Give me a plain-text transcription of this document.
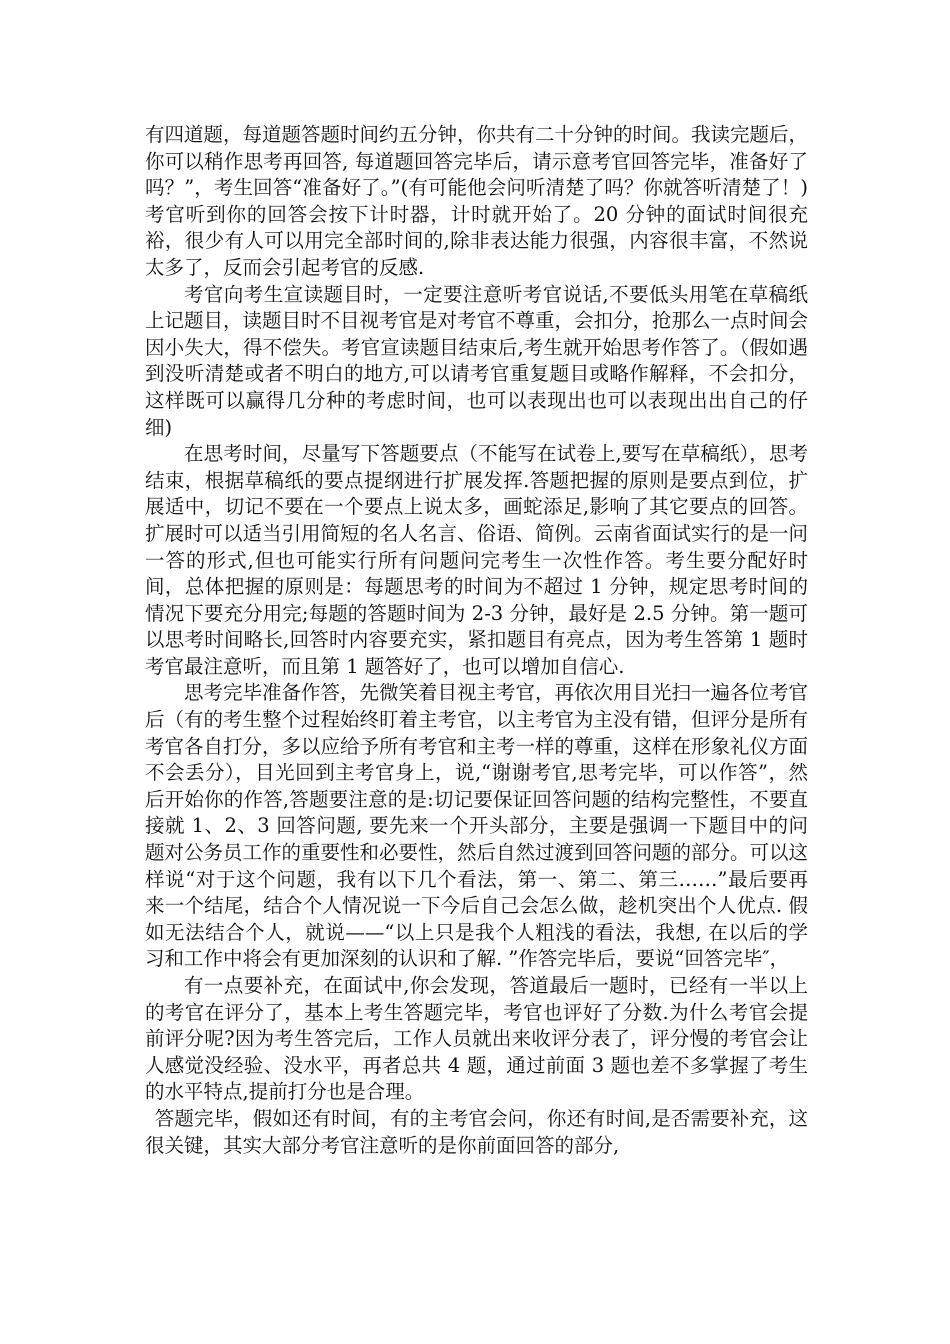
有四道题，每道题答题时间约五分钟，你共有二十分钟的时间。我读完题后，你可以稍作思考再回答, 每道题回答完毕后，请示意考官回答完毕，准备好了吗？”，考生回答“准备好了。”(有可能他会问听清楚了吗？你就答听清楚了！)考官听到你的回答会按下计时器，计时就开始了。20 分钟的面试时间很充裕，很少有人可以用完全部时间的,除非表达能力很强，内容很丰富，不然说太多了，反而会引起考官的反感.

考官向考生宣读题目时，一定要注意听考官说话,不要低头用笔在草稿纸上记题目，读题目时不目视考官是对考官不尊重，会扣分，抢那么一点时间会因小失大，得不偿失。考官宣读题目结束后,考生就开始思考作答了。（假如遇到没听清楚或者不明白的地方,可以请考官重复题目或略作解释，不会扣分，这样既可以赢得几分种的考虑时间，也可以表现出也可以表现出出自己的仔细)

在思考时间，尽量写下答题要点（不能写在试卷上,要写在草稿纸），思考结束，根据草稿纸的要点提纲进行扩展发挥.答题把握的原则是要点到位，扩展适中，切记不要在一个要点上说太多，画蛇添足,影响了其它要点的回答。扩展时可以适当引用简短的名人名言、俗语、简例。云南省面试实行的是一问一答的形式,但也可能实行所有问题问完考生一次性作答。考生要分配好时间，总体把握的原则是：每题思考的时间为不超过 1 分钟，规定思考时间的情况下要充分用完;每题的答题时间为 2-3 分钟，最好是 2.5 分钟。第一题可以思考时间略长,回答时内容要充实，紧扣题目有亮点，因为考生答第 1 题时考官最注意听，而且第 1 题答好了，也可以增加自信心.

思考完毕准备作答，先微笑着目视主考官，再依次用目光扫一遍各位考官后（有的考生整个过程始终盯着主考官，以主考官为主没有错，但评分是所有考官各自打分，多以应给予所有考官和主考一样的尊重，这样在形象礼仪方面不会丢分），目光回到主考官身上，说,“谢谢考官,思考完毕，可以作答”，然后开始你的作答,答题要注意的是:切记要保证回答问题的结构完整性，不要直接就 1、2、3 回答问题, 要先来一个开头部分，主要是强调一下题目中的问题对公务员工作的重要性和必要性，然后自然过渡到回答问题的部分。可以这样说“对于这个问题，我有以下几个看法，第一、第二、第三……”最后要再来一个结尾，结合个人情况说一下今后自己会怎么做，趁机突出个人优点. 假如无法结合个人，就说——“以上只是我个人粗浅的看法，我想, 在以后的学习和工作中将会有更加深刻的认识和了解. ”作答完毕后，要说“回答完毕″，

有一点要补充，在面试中,你会发现，答道最后一题时，已经有一半以上的考官在评分了，基本上考生答题完毕，考官也评好了分数.为什么考官会提前评分呢?因为考生答完后，工作人员就出来收评分表了，评分慢的考官会让人感觉没经验、没水平，再者总共 4 题，通过前面 3 题也差不多掌握了考生的水平特点,提前打分也是合理。

答题完毕，假如还有时间，有的主考官会问，你还有时间,是否需要补充，这很关键，其实大部分考官注意听的是你前面回答的部分,
